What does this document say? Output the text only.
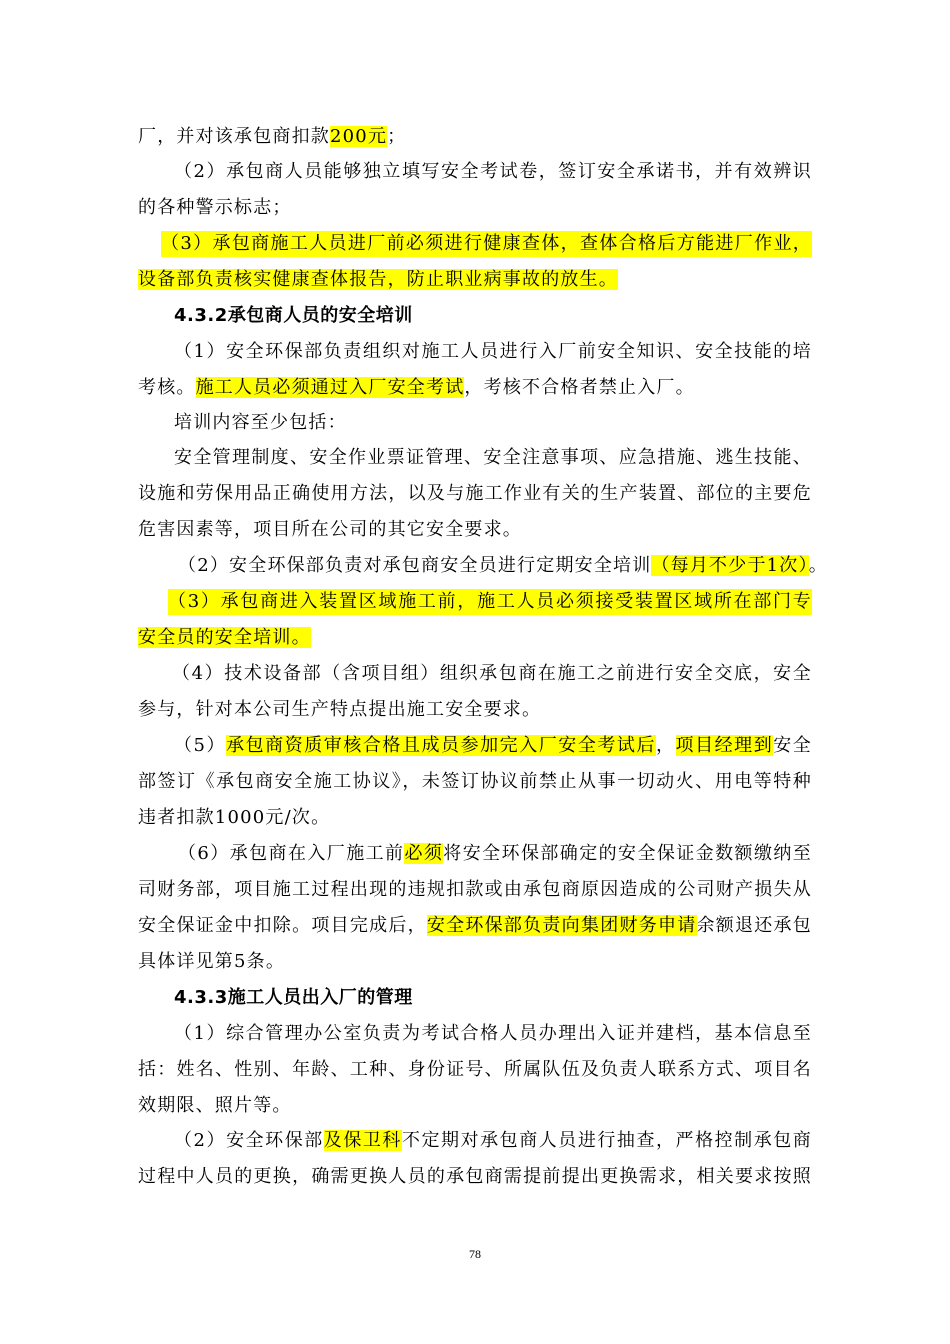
厂，并对该承包商扣款200元；
（2）承包商人员能够独立填写安全考试卷，签订安全承诺书，并有效辨识
的各种警示标志；
（3）承包商施工人员进厂前必须进行健康查体，查体合格后方能进厂作业，
设备部负责核实健康查体报告，防止职业病事故的放生。
4.3.2承包商人员的安全培训
（1）安全环保部负责组织对施工人员进行入厂前安全知识、安全技能的培
考核。施工人员必须通过入厂安全考试，考核不合格者禁止入厂。
培训内容至少包括：
安全管理制度、安全作业票证管理、安全注意事项、应急措施、逃生技能、
设施和劳保用品正确使用方法，以及与施工作业有关的生产装置、部位的主要危
危害因素等，项目所在公司的其它安全要求。
（2）安全环保部负责对承包商安全员进行定期安全培训（每月不少于1次）。
（3）承包商进入装置区域施工前，施工人员必须接受装置区域所在部门专
安全员的安全培训。
（4）技术设备部（含项目组）组织承包商在施工之前进行安全交底，安全
参与，针对本公司生产特点提出施工安全要求。
（5）承包商资质审核合格且成员参加完入厂安全考试后，项目经理到安全
部签订《承包商安全施工协议》，未签订协议前禁止从事一切动火、用电等特种
违者扣款1000元/次。
（6）承包商在入厂施工前必须将安全环保部确定的安全保证金数额缴纳至
司财务部，项目施工过程出现的违规扣款或由承包商原因造成的公司财产损失从
安全保证金中扣除。项目完成后，安全环保部负责向集团财务申请余额退还承包
具体详见第5条。
4.3.3施工人员出入厂的管理
（1）综合管理办公室负责为考试合格人员办理出入证并建档，基本信息至
括：姓名、性别、年龄、工种、身份证号、所属队伍及负责人联系方式、项目名
效期限、照片等。
（2）安全环保部及保卫科不定期对承包商人员进行抽查，严格控制承包商
过程中人员的更换，确需更换人员的承包商需提前提出更换需求，相关要求按照
78
